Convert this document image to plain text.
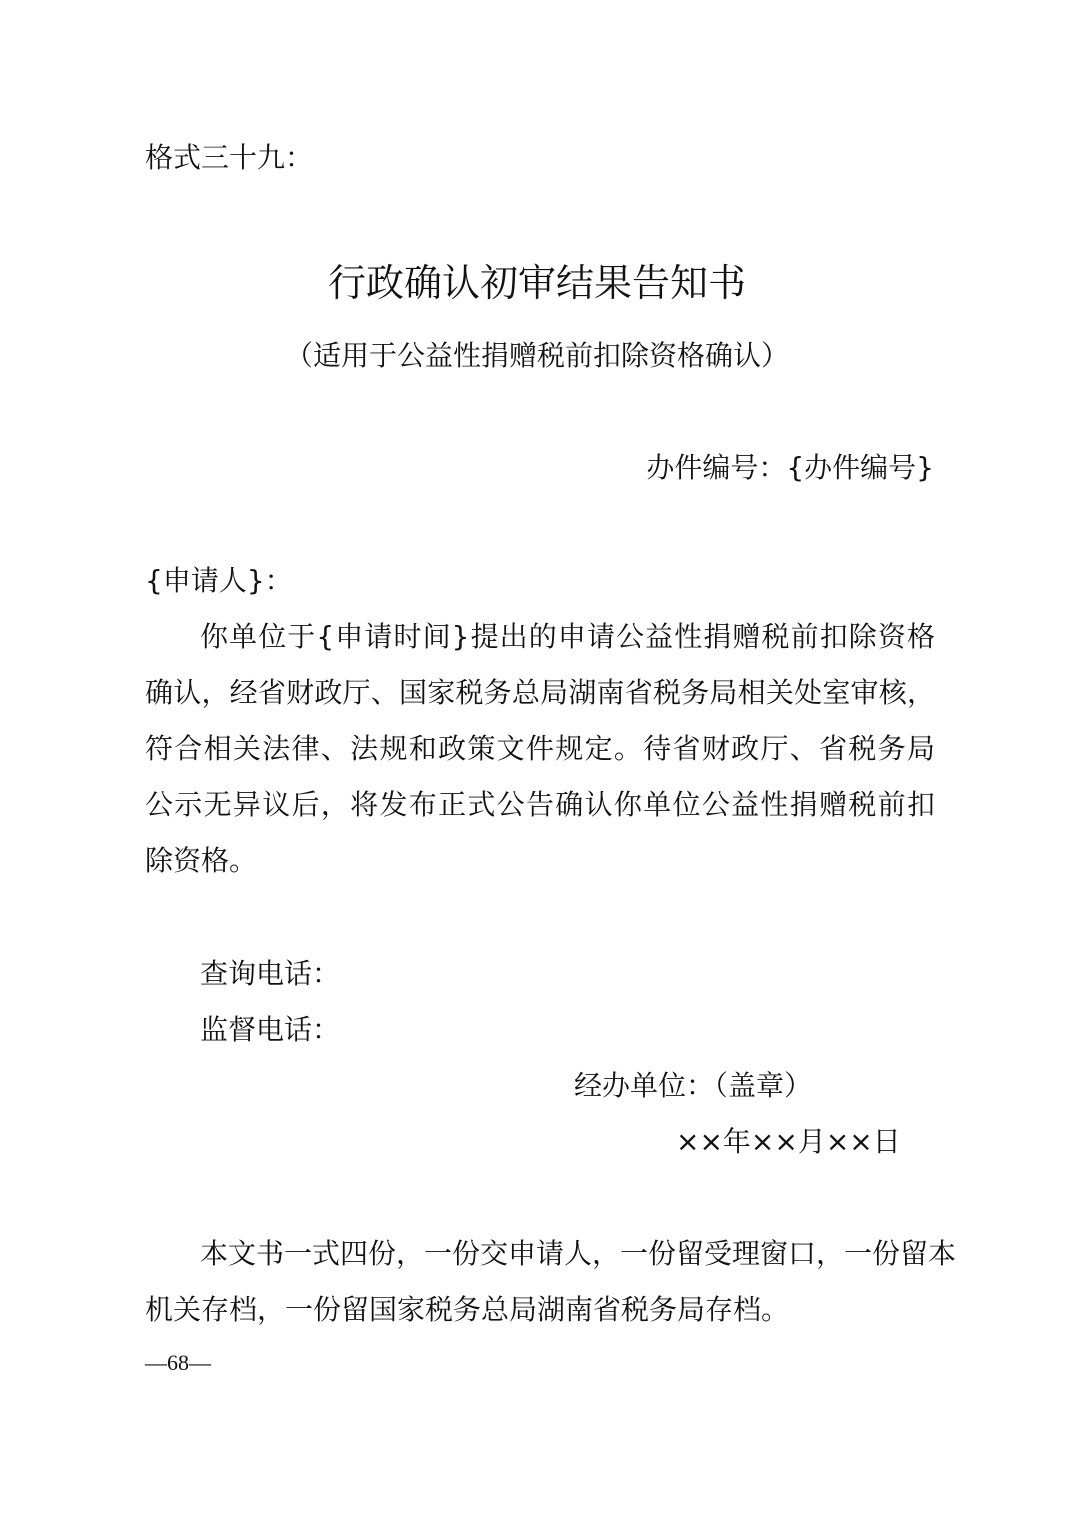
格式三十九：
行政确认初审结果告知书
（适用于公益性捐赠税前扣除资格确认）
办件编号：{办件编号}
{申请人}：
你单位于{申请时间}提出的申请公益性捐赠税前扣除资格
确认，经省财政厅、国家税务总局湖南省税务局相关处室审核，
符合相关法律、法规和政策文件规定。待省财政厅、省税务局
公示无异议后，将发布正式公告确认你单位公益性捐赠税前扣
除资格。
查询电话：
监督电话：
经办单位：（盖章）
××年××月××日
本文书一式四份，一份交申请人，一份留受理窗口，一份留本
机关存档，一份留国家税务总局湖南省税务局存档。
—68—
